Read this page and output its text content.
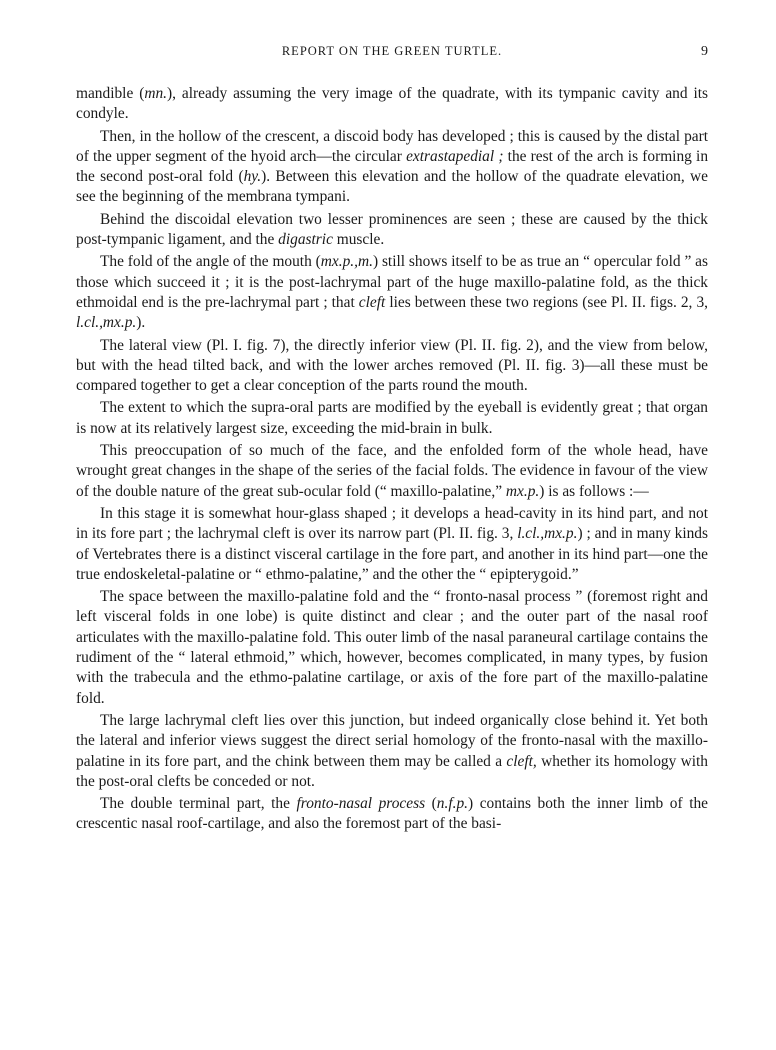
REPORT ON THE GREEN TURTLE.	9

mandible (mn.), already assuming the very image of the quadrate, with its tympanic cavity and its condyle.

Then, in the hollow of the crescent, a discoid body has developed ; this is caused by the distal part of the upper segment of the hyoid arch—the circular extrastapedial ; the rest of the arch is forming in the second post-oral fold (hy.). Between this elevation and the hollow of the quadrate elevation, we see the beginning of the membrana tympani.

Behind the discoidal elevation two lesser prominences are seen ; these are caused by the thick post-tympanic ligament, and the digastric muscle.

The fold of the angle of the mouth (mx.p.,m.) still shows itself to be as true an “ opercular fold ” as those which succeed it ; it is the post-lachrymal part of the huge maxillo-palatine fold, as the thick ethmoidal end is the pre-lachrymal part ; that cleft lies between these two regions (see Pl. II. figs. 2, 3, l.cl.,mx.p.).

The lateral view (Pl. I. fig. 7), the directly inferior view (Pl. II. fig. 2), and the view from below, but with the head tilted back, and with the lower arches removed (Pl. II. fig. 3)—all these must be compared together to get a clear conception of the parts round the mouth.

The extent to which the supra-oral parts are modified by the eyeball is evidently great ; that organ is now at its relatively largest size, exceeding the mid-brain in bulk.

This preoccupation of so much of the face, and the enfolded form of the whole head, have wrought great changes in the shape of the series of the facial folds. The evidence in favour of the view of the double nature of the great sub-ocular fold (“ maxillo-palatine,” mx.p.) is as follows :—

In this stage it is somewhat hour-glass shaped ; it develops a head-cavity in its hind part, and not in its fore part ; the lachrymal cleft is over its narrow part (Pl. II. fig. 3, l.cl.,mx.p.) ; and in many kinds of Vertebrates there is a distinct visceral cartilage in the fore part, and another in its hind part—one the true endoskeletal-palatine or “ ethmo-palatine,” and the other the “ epipterygoid.”

The space between the maxillo-palatine fold and the “ fronto-nasal process ” (foremost right and left visceral folds in one lobe) is quite distinct and clear ; and the outer part of the nasal roof articulates with the maxillo-palatine fold. This outer limb of the nasal paraneural cartilage contains the rudiment of the “ lateral ethmoid,” which, however, becomes complicated, in many types, by fusion with the trabecula and the ethmo-palatine cartilage, or axis of the fore part of the maxillo-palatine fold.

The large lachrymal cleft lies over this junction, but indeed organically close behind it. Yet both the lateral and inferior views suggest the direct serial homology of the fronto-nasal with the maxillo-palatine in its fore part, and the chink between them may be called a cleft, whether its homology with the post-oral clefts be conceded or not.

The double terminal part, the fronto-nasal process (n.f.p.) contains both the inner limb of the crescentic nasal roof-cartilage, and also the foremost part of the basi-
